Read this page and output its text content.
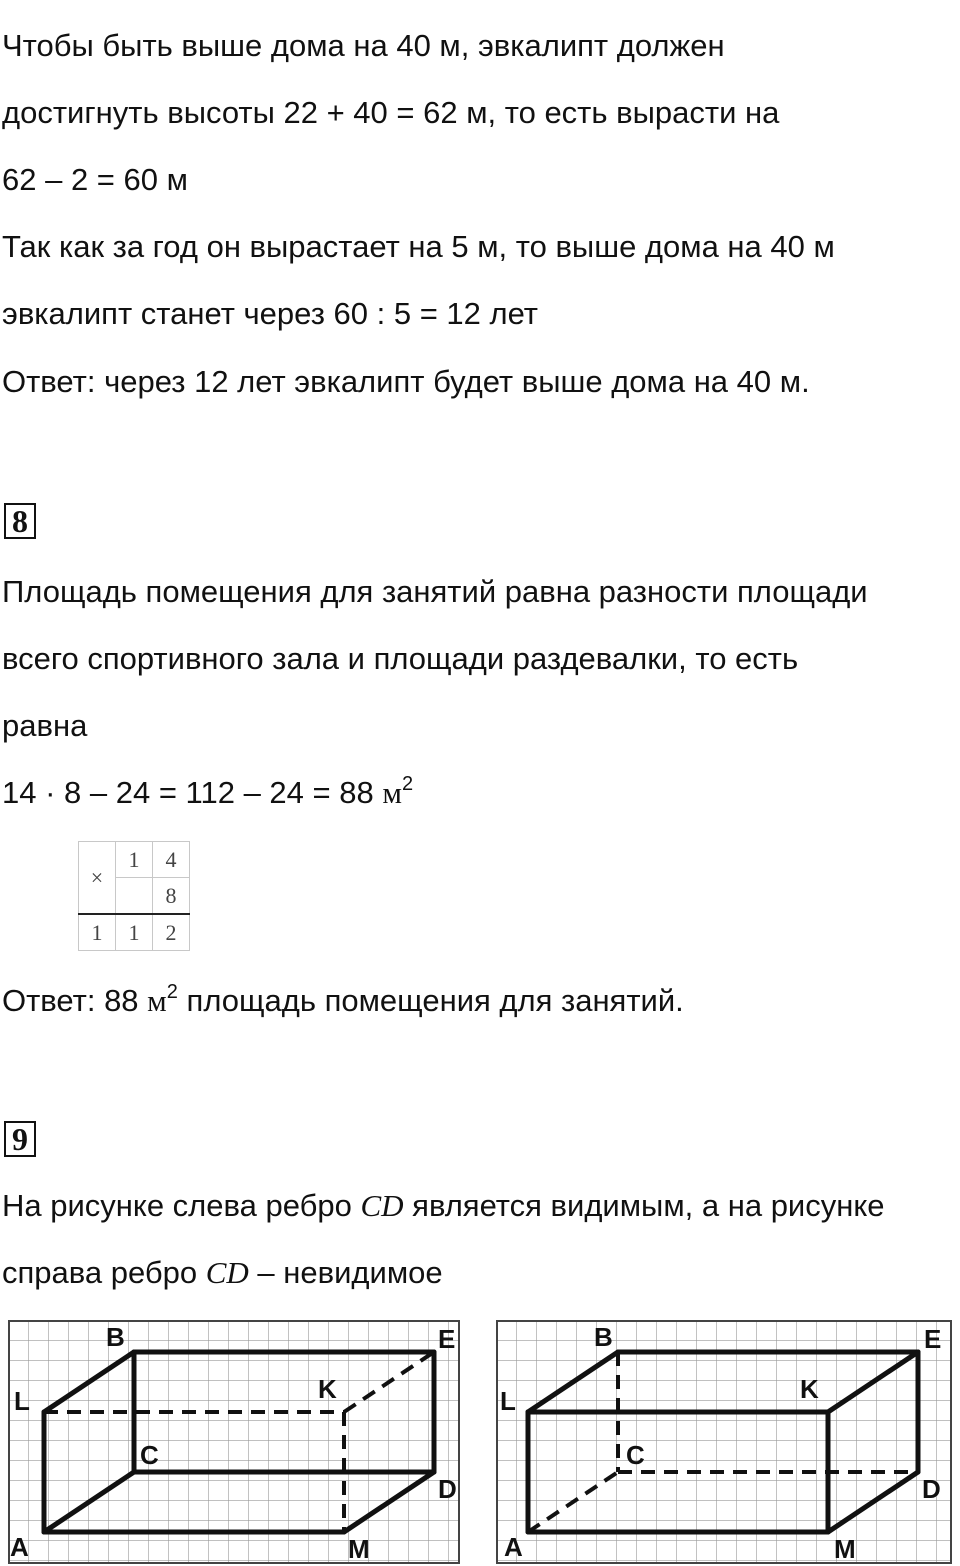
Чтобы быть выше дома на 40 м, эвкалипт должен

достигнуть высоты 22 + 40 = 62 м, то есть вырасти на

62 – 2 = 60 м

Так как за год он вырастает на 5 м, то выше дома на 40 м

эвкалипт станет через 60 : 5 = 12 лет

Ответ: через 12 лет эвкалипт будет выше дома на 40 м.

8

Площадь помещения для занятий равна разности площади

всего спортивного зала и площади раздевалки, то есть

равна

14 · 8 – 24 = 112 – 24 = 88 $м^2$

×	1	4
		8
1	1	2

Ответ: 88 $м^2$ площадь помещения для занятий.

9

На рисунке слева ребро CD является видимым, а на рисунке

справа ребро CD – невидимое

A
B
C
D
E
K
L
M	A
B
C
D
E
K
L
M
